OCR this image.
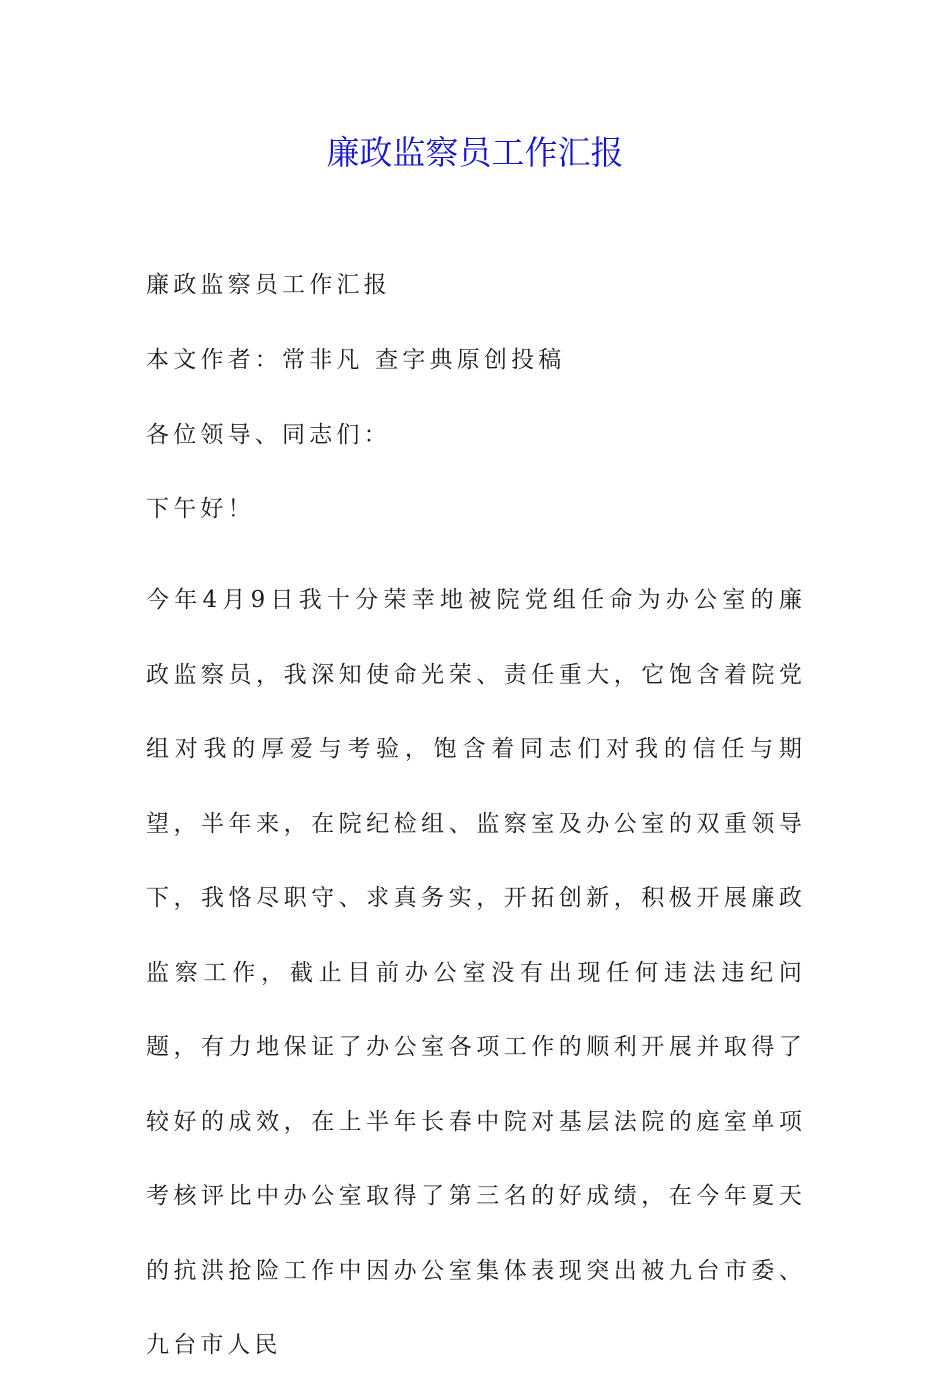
廉政监察员工作汇报

廉政监察员工作汇报

本文作者：常非凡 查字典原创投稿

各位领导、同志们：

下午好！

今年4月9日我十分荣幸地被院党组任命为办公室的廉政监察员，我深知使命光荣、责任重大，它饱含着院党组对我的厚爱与考验，饱含着同志们对我的信任与期望，半年来，在院纪检组、监察室及办公室的双重领导下，我恪尽职守、求真务实，开拓创新，积极开展廉政监察工作，截止目前办公室没有出现任何违法违纪问题，有力地保证了办公室各项工作的顺利开展并取得了较好的成效，在上半年长春中院对基层法院的庭室单项考核评比中办公室取得了第三名的好成绩，在今年夏天的抗洪抢险工作中因办公室集体表现突出被九台市委、九台市人民
